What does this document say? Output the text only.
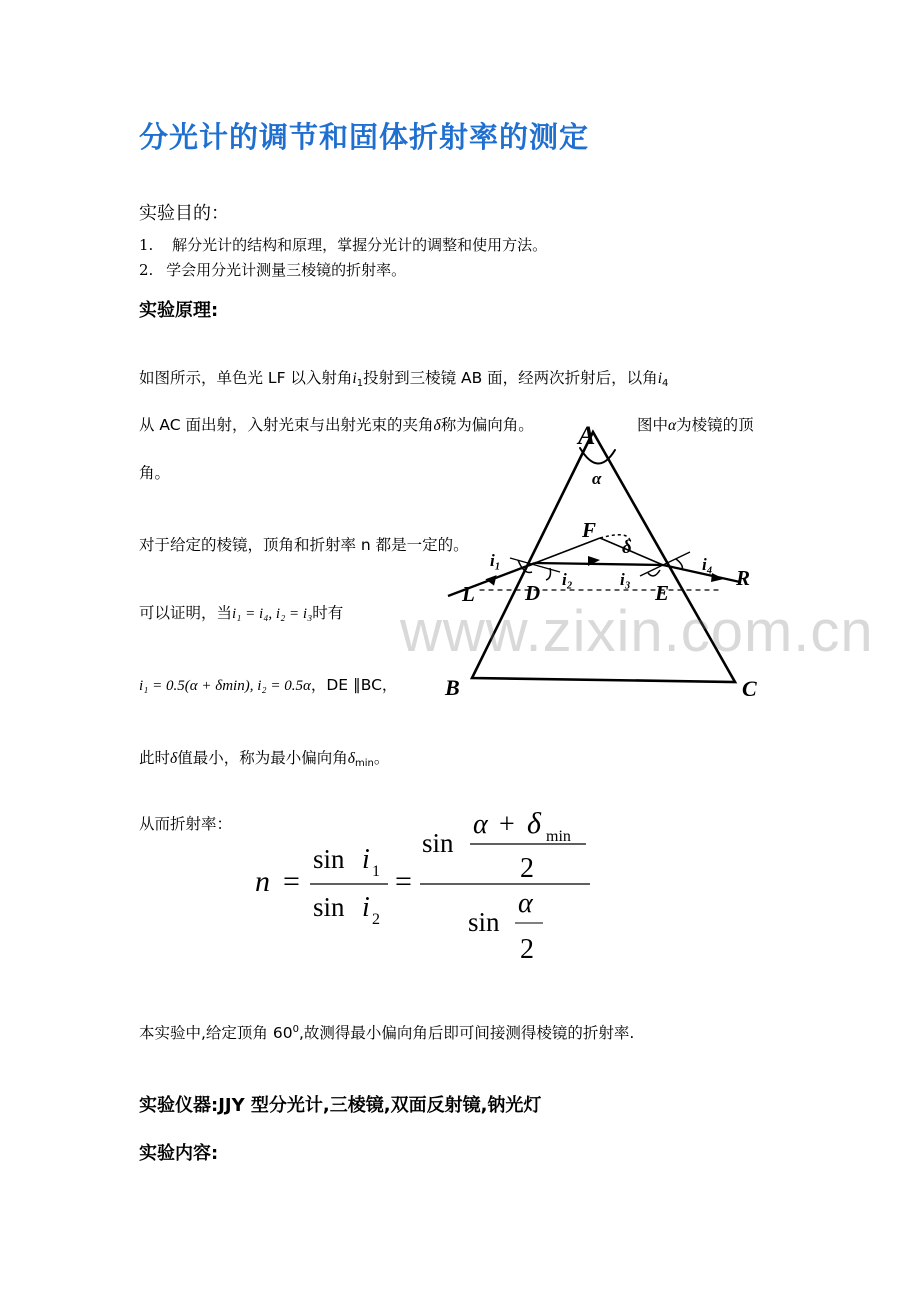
分光计的调节和固体折射率的测定
实验目的：
1. 解分光计的结构和原理，掌握分光计的调整和使用方法。
2. 学会用分光计测量三棱镜的折射率。
实验原理:
如图所示，单色光 LF 以入射角$i_1$投射到三棱镜 AB 面，经两次折射后，以角$i_4$
从 AC 面出射，入射光束与出射光束的夹角δ称为偏向角。	图中α为棱镜的顶
角。
对于给定的棱镜，顶角和折射率 n 都是一定的。
可以证明，当i₁ = i₄, i₂ = i₃时有
i₁ = 0.5(α + δmin), i₂ = 0.5α，DE ∥BC，
此时δ值最小，称为最小偏向角$\delta_{min}$。
从而折射率：
n =
sin i 1
sin i 2
=
sin
α + δ min
2
sin
α
2
本实验中,给定顶角 $60^0$,故测得最小偏向角后即可间接测得棱镜的折射率.
实验仪器:JJY 型分光计,三棱镜,双面反射镜,钠光灯
实验内容:
A
B	C
D	E
F
L
R
α
δ
i₁
i₂	i₃
i₄
www.zixin.com.cn
